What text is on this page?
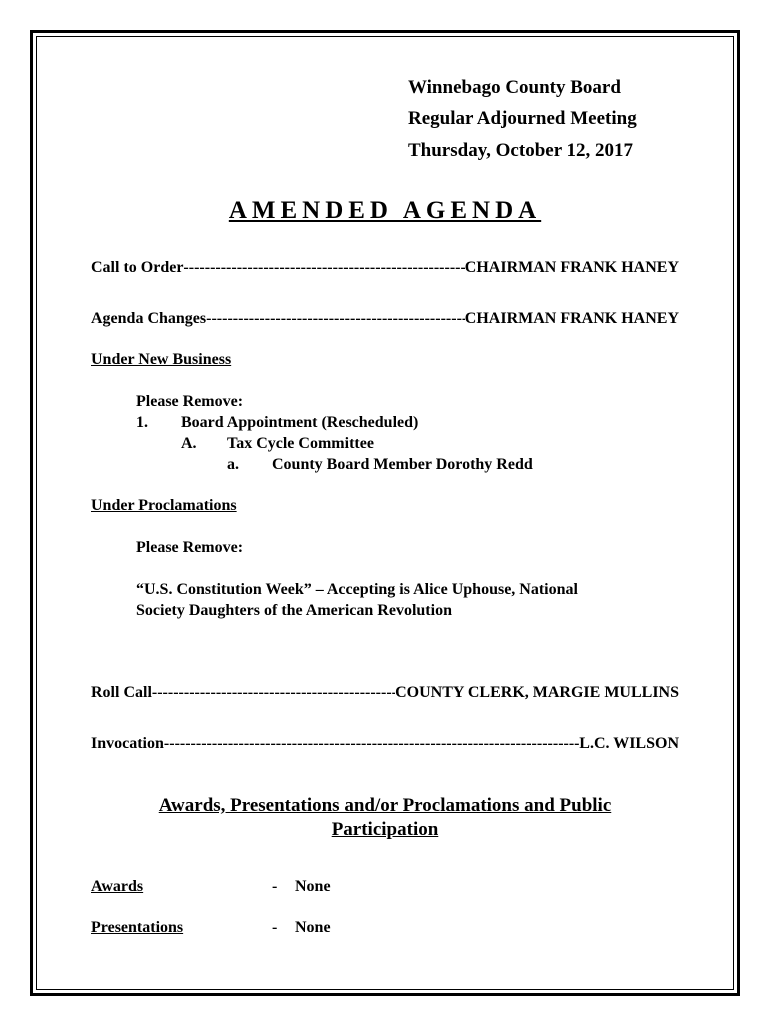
Winnebago County Board
Regular Adjourned Meeting
Thursday, October 12, 2017
AMENDED AGENDA
Call to Order -----	CHAIRMAN FRANK HANEY
Agenda Changes -----	CHAIRMAN FRANK HANEY
Under New Business
Please Remove:
1. Board Appointment (Rescheduled)
A. Tax Cycle Committee
a. County Board Member Dorothy Redd
Under Proclamations
Please Remove:
“U.S. Constitution Week” – Accepting is Alice Uphouse, National
Society Daughters of the American Revolution
Roll Call -----	COUNTY CLERK, MARGIE MULLINS
Invocation -----	L.C. WILSON
Awards, Presentations and/or Proclamations and Public
Participation
Awards	- None
Presentations	- None
